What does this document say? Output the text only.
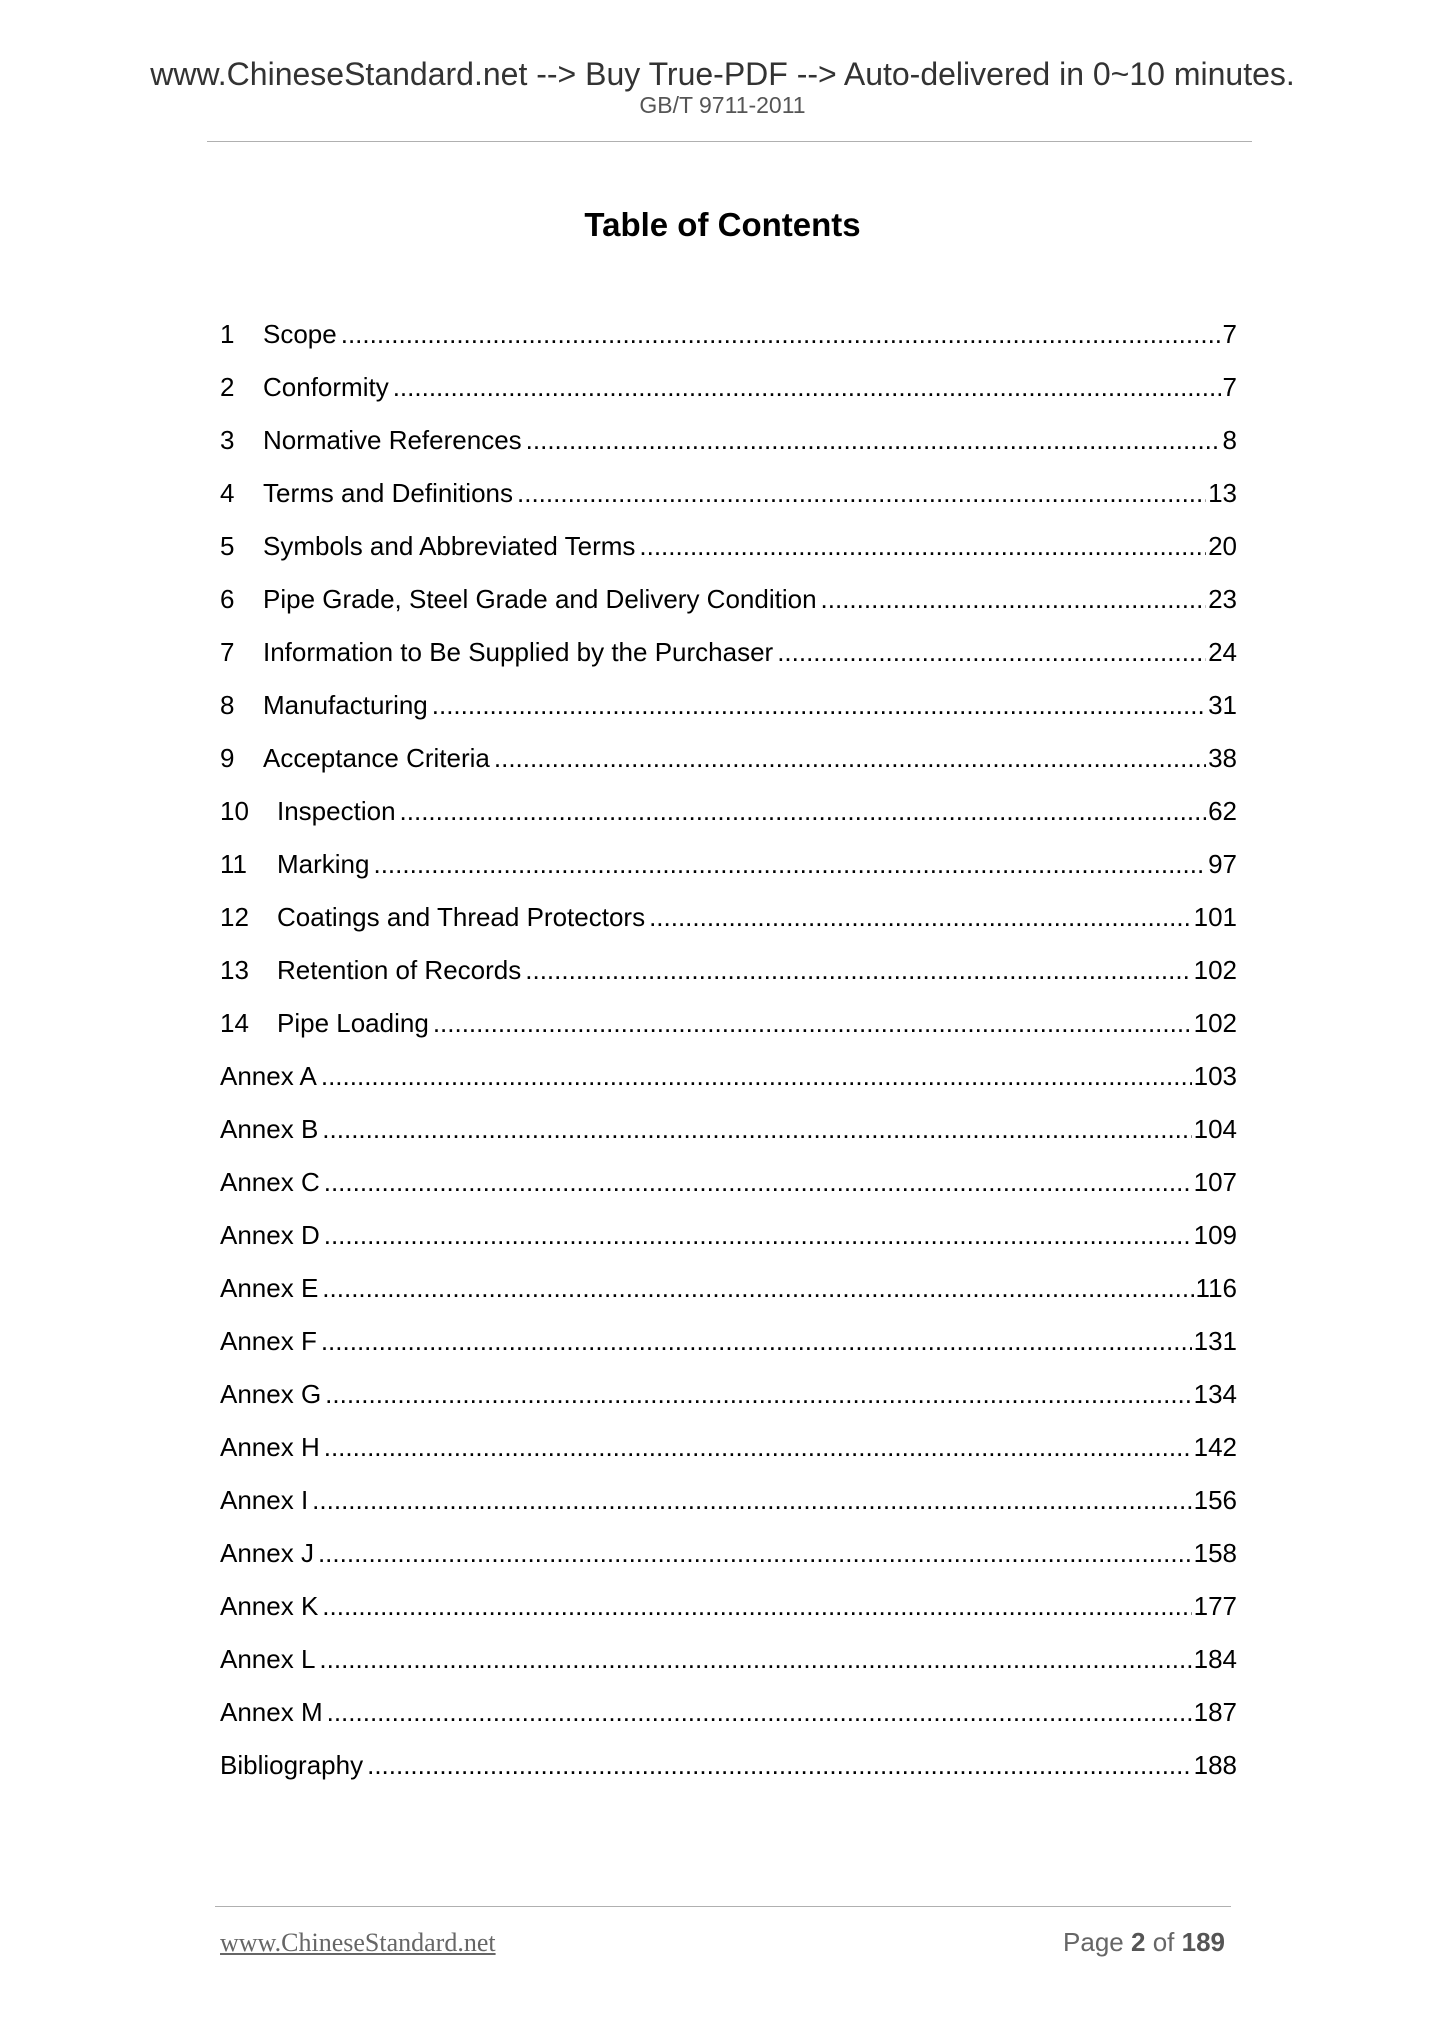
www.ChineseStandard.net --> Buy True-PDF --> Auto-delivered in 0~10 minutes.
GB/T 9711-2011
Table of Contents
1	Scope .....	7
2	Conformity .....	7
3	Normative References .....	8
4	Terms and Definitions .....	13
5	Symbols and Abbreviated Terms .....	20
6	Pipe Grade, Steel Grade and Delivery Condition .....	23
7	Information to Be Supplied by the Purchaser .....	24
8	Manufacturing .....	31
9	Acceptance Criteria .....	38
10	Inspection .....	62
11	Marking .....	97
12	Coatings and Thread Protectors .....	101
13	Retention of Records .....	102
14	Pipe Loading .....	102
Annex A .....	103
Annex B .....	104
Annex C .....	107
Annex D .....	109
Annex E .....	116
Annex F .....	131
Annex G .....	134
Annex H .....	142
Annex I .....	156
Annex J .....	158
Annex K .....	177
Annex L .....	184
Annex M .....	187
Bibliography .....	188
www.ChineseStandard.net	Page 2 of 189
